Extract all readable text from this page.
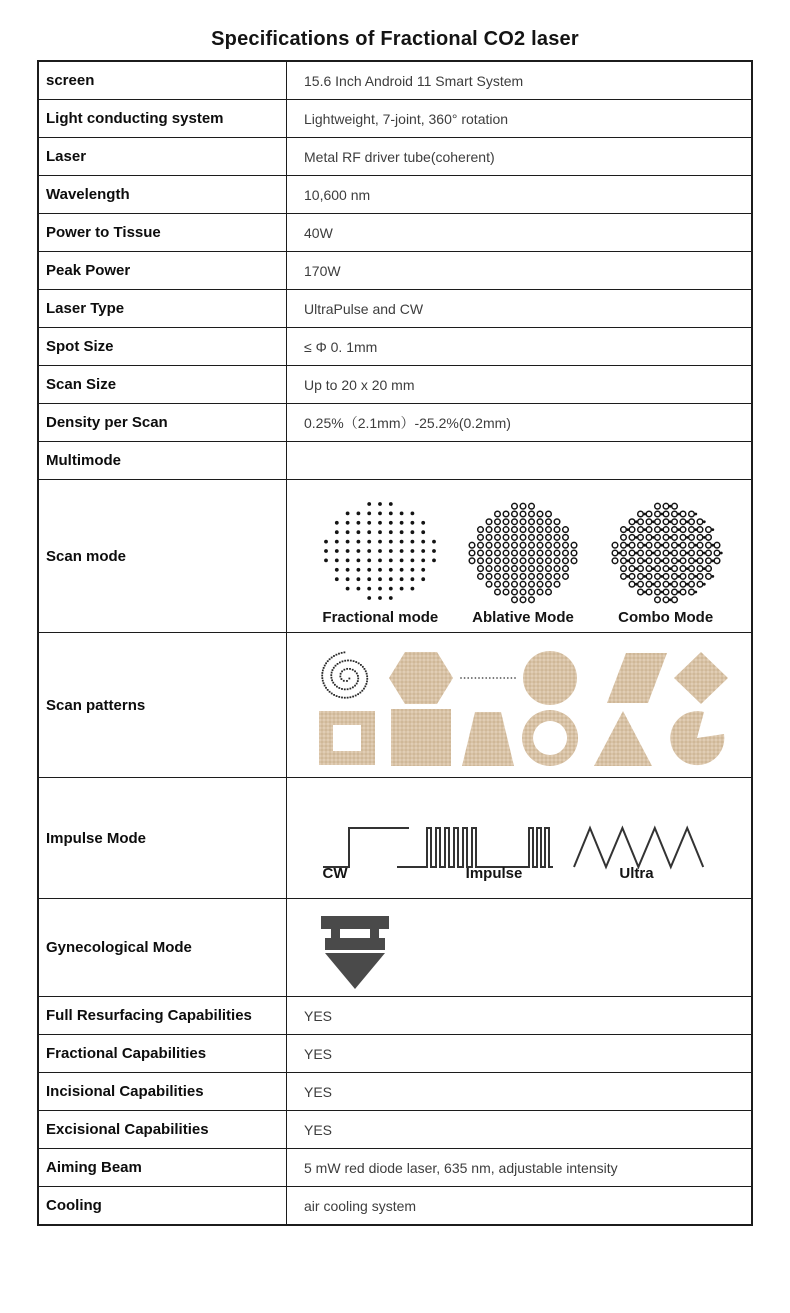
Specifications of Fractional CO2 laser
screen	15.6 Inch Android 11 Smart System
Light conducting system	Lightweight, 7-joint, 360° rotation
Laser	Metal RF driver tube(coherent)
Wavelength	10,600 nm
Power to Tissue	40W
Peak Power	170W
Laser Type	UltraPulse and CW
Spot Size	≤ Φ 0. 1mm
Scan Size	Up to 20 x 20 mm
Density per Scan	0.25%（2.1mm）-25.2%(0.2mm)
Multimode	
Scan mode	Fractional mode Ablative Mode Combo Mode

Scan patterns	

Impulse Mode	CW Impulse Ultra

Gynecological Mode	

Full Resurfacing Capabilities	YES
Fractional Capabilities	YES
Incisional Capabilities	YES
Excisional Capabilities	YES
Aiming Beam	5 mW red diode laser, 635 nm, adjustable intensity
Cooling	air cooling system
